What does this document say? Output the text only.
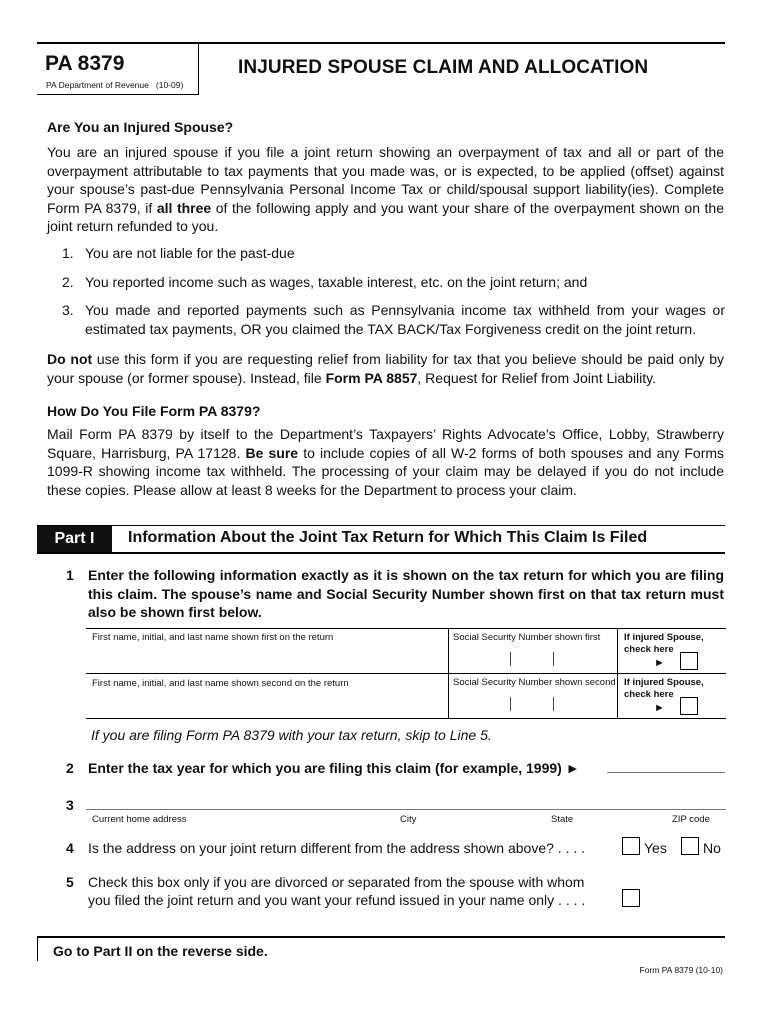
PA 8379
PA Department of Revenue   (10-09)
INJURED SPOUSE CLAIM AND ALLOCATION
Are You an Injured Spouse?
You are an injured spouse if you file a joint return showing an overpayment of tax and all or part of the overpayment attributable to tax payments that you made was, or is expected, to be applied (offset) against your spouse’s past-due Pennsylvania Personal Income Tax or child/spousal support liability(ies). Complete Form PA 8379, if all three of the following apply and you want your share of the overpayment shown on the joint return refunded to you.
1. You are not liable for the past-due
2. You reported income such as wages, taxable interest, etc. on the joint return; and
3. You made and reported payments such as Pennsylvania income tax withheld from your wages or estimated tax payments, OR you claimed the TAX BACK/Tax Forgiveness credit on the joint return.
Do not use this form if you are requesting relief from liability for tax that you believe should be paid only by your spouse (or former spouse). Instead, file Form PA 8857, Request for Relief from Joint Liability.
How Do You File Form PA 8379?
Mail Form PA 8379 by itself to the Department’s Taxpayers’ Rights Advocate’s Office, Lobby, Strawberry Square, Harrisburg, PA 17128. Be sure to include copies of all W-2 forms of both spouses and any Forms 1099-R showing income tax withheld. The processing of your claim may be delayed if you do not include these copies. Please allow at least 8 weeks for the Department to process your claim.
Part I	Information About the Joint Tax Return for Which This Claim Is Filed
1 Enter the following information exactly as it is shown on the tax return for which you are filing this claim. The spouse’s name and Social Security Number shown first on that tax return must also be shown first below.
First name, initial, and last name shown first on the return	Social Security Number shown first If injured Spouse,
check here
►
First name, initial, and last name shown second on the return	Social Security Number shown second If injured Spouse,
check here
►
If you are filing Form PA 8379 with your tax return, skip to Line 5.
2 Enter the tax year for which you are filing this claim (for example, 1999) ►
3
Current home address	City	State	ZIP code
4 Is the address on your joint return different from the address shown above? . . . .	Yes	No
5 Check this box only if you are divorced or separated from the spouse with whom
you filed the joint return and you want your refund issued in your name only . . . .
Go to Part II on the reverse side.
Form PA 8379 (10-10)
